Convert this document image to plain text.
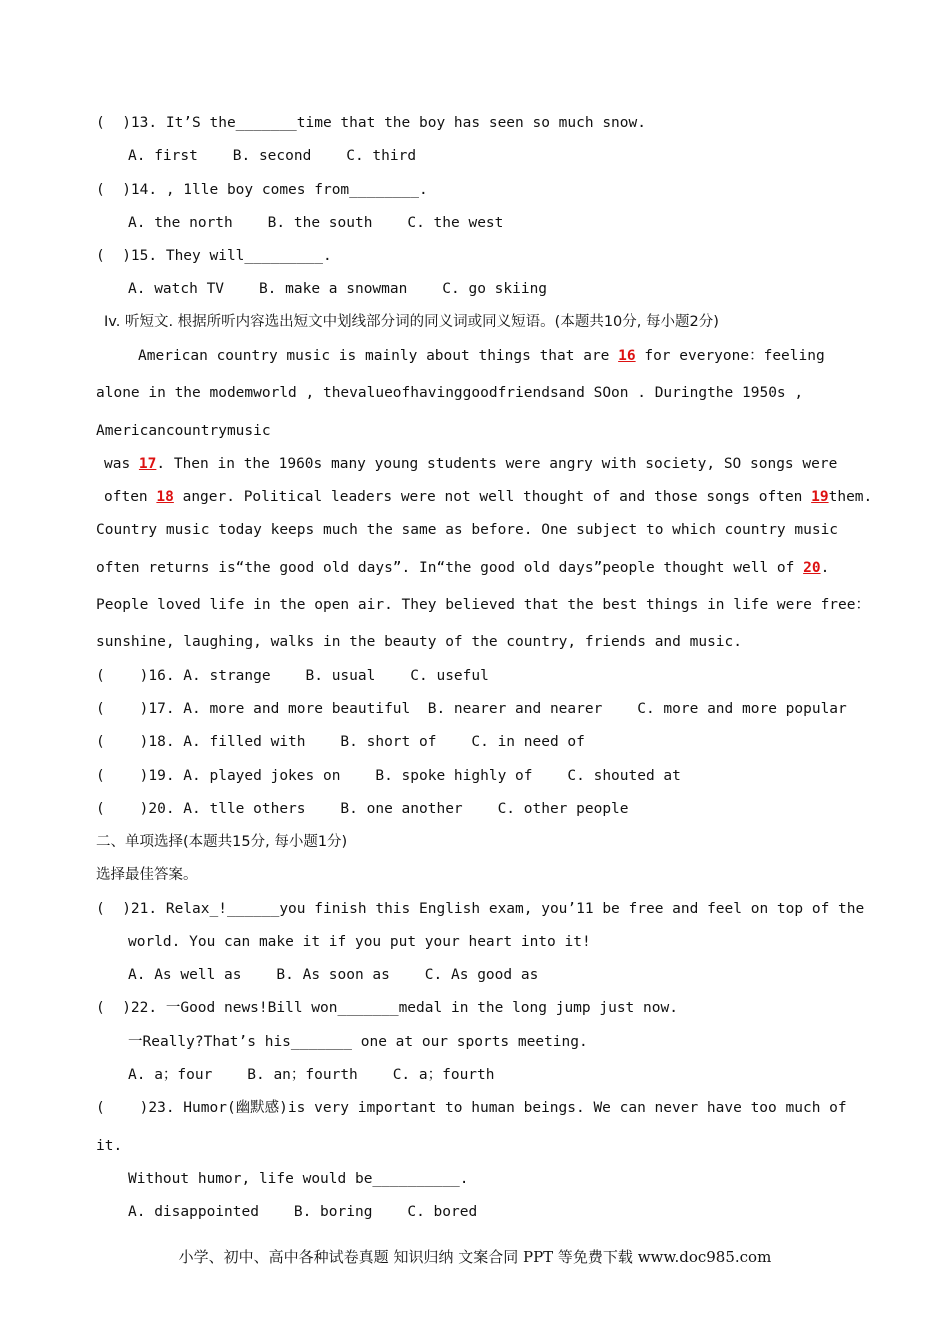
(  )13. It’S the_______time that the boy has seen so much snow.
A. first    B. second    C. third
(  )14. , 1lle boy comes from________.
A. the north    B. the south    C. the west
(  )15. They will_________.
A. watch TV    B. make a snowman    C. go skiing
Iv. 听短文. 根据所听内容选出短文中划线部分词的同义词或同义短语。(本题共10分, 每小题2分)
American country music is mainly about things that are 16 for everyone：feeling
alone in the modemworld , thevalueofhavinggoodfriendsand SOon . Duringthe 1950s ,
Americancountrymusic
was 17. Then in the 1960s many young students were angry with society, SO songs were
often 18 anger. Political leaders were not well thought of and those songs often 19them.
Country music today keeps much the same as before. One subject to which country music
often returns is“the good old days”. In“the good old days”people thought well of 20.
People loved life in the open air. They believed that the best things in life were free：
sunshine, laughing, walks in the beauty of the country, friends and music.
(    )16. A. strange    B. usual    C. useful
(    )17. A. more and more beautiful  B. nearer and nearer    C. more and more popular
(    )18. A. filled with    B. short of    C. in need of
(    )19. A. played jokes on    B. spoke highly of    C. shouted at
(    )20. A. tlle others    B. one another    C. other people
二、单项选择(本题共15分, 每小题1分)
选择最佳答案。
(  )21. Relax_!______you finish this English exam, you’11 be free and feel on top of the
world. You can make it if you put your heart into it!
A. As well as    B. As soon as    C. As good as
(  )22. 一Good news!Bill won_______medal in the long jump just now.
一Really?That’s his_______ one at our sports meeting.
A. a；four    B. an；fourth    C. a；fourth
(    )23. Humor(幽默感)is very important to human beings. We can never have too much of
it.
Without humor, life would be__________.
A. disappointed    B. boring    C. bored
小学、初中、高中各种试卷真题 知识归纳 文案合同 PPT 等免费下载 www.doc985.com
